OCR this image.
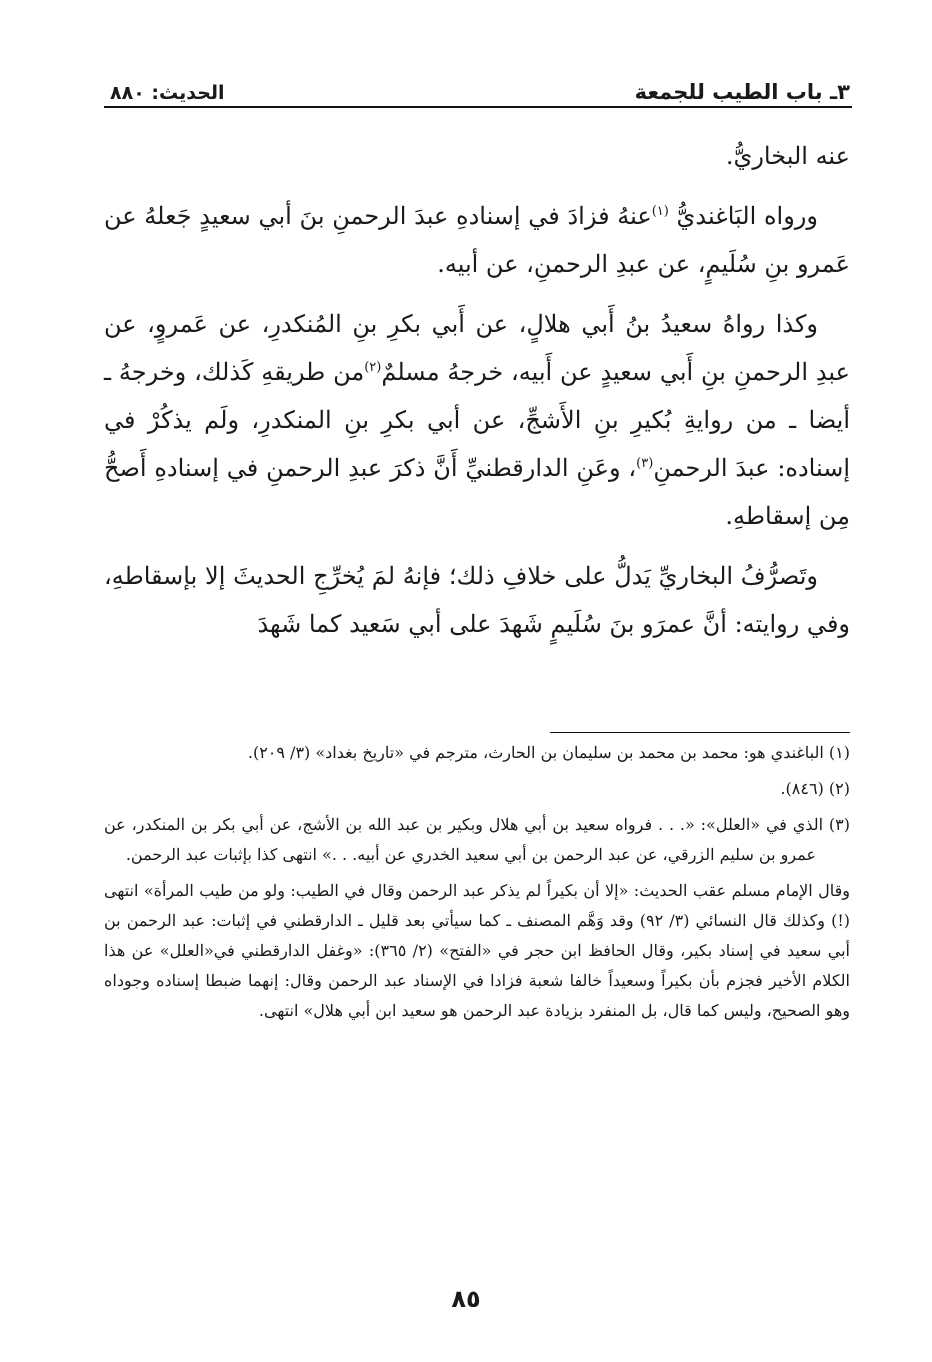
٣ـ باب الطيب للجمعة
الحديث: ٨٨٠

عنه البخاريُّ.

ورواه البَاغنديُّ $^{(١)}$عنهُ فزادَ في إسنادهِ عبدَ الرحمنِ بنَ أبي سعيدٍ جَعلهُ عن عَمرو بنِ سُلَيمٍ، عن عبدِ الرحمنِ، عن أبيه.

وكذا رواهُ سعيدُ بنُ أَبي هلالٍ، عن أَبي بكرِ بنِ المُنكدرِ، عن عَمروٍ، عن عبدِ الرحمنِ بنِ أَبي سعيدٍ عن أَبيه، خرجهُ مسلمٌ$^{(٢)}$من طريقهِ كَذلك، وخرجهُ ـ أيضا ـ من روايةِ بُكيرِ بنِ الأَشجِّ، عن أبي بكرِ بنِ المنكدرِ، ولَم يذكُرْ في إسناده: عبدَ الرحمنِ$^{(٣)}$، وعَنِ الدارقطنيِّ أَنَّ ذكرَ عبدِ الرحمنِ في إسنادهِ أَصحُّ مِن إسقاطهِ.

وتَصرُّفُ البخاريِّ يَدلُّ على خلافِ ذلك؛ فإنهُ لمَ يُخرِّجِ الحديثَ إلا بإسقاطهِ، وفي روايته: أنَّ عمرَو بنَ سُلَيمٍ شَهدَ على أبي سَعيد كما شَهدَ

(١) الباغندي هو: محمد بن محمد بن سليمان بن الحارث، مترجم في «تاريخ بغداد» (٣/ ٢٠٩).

(٢) (٨٤٦).

(٣) الذي في «العلل»: «. . . فرواه سعيد بن أبي هلال وبكير بن عبد الله بن الأشج، عن أبي بكر بن المنكدر، عن عمرو بن سليم الزرقي، عن عبد الرحمن بن أبي سعيد الخدري عن أبيه. . .» انتهى كذا بإثبات عبد الرحمن.

وقال الإمام مسلم عقب الحديث: «إلا أن بكيراً لم يذكر عبد الرحمن وقال في الطيب: ولو من طيب المرأة» انتهى (!) وكذلك قال النسائي (٣/ ٩٢) وقد وَهَّم المصنف ـ كما سيأتي بعد قليل ـ الدارقطني في إثبات: عبد الرحمن بن أبي سعيد في إسناد بكير، وقال الحافظ ابن حجر في «الفتح» (٢/ ٣٦٥): «وغفل الدارقطني في«العلل» عن هذا الكلام الأخير فجزم بأن بكيراً وسعيداً خالفا شعبة فزادا في الإسناد عبد الرحمن وقال: إنهما ضبطا إسناده وجوداه وهو الصحيح، وليس كما قال، بل المنفرد بزيادة عبد الرحمن هو سعيد ابن أبي هلال» انتهى.

٨٥
